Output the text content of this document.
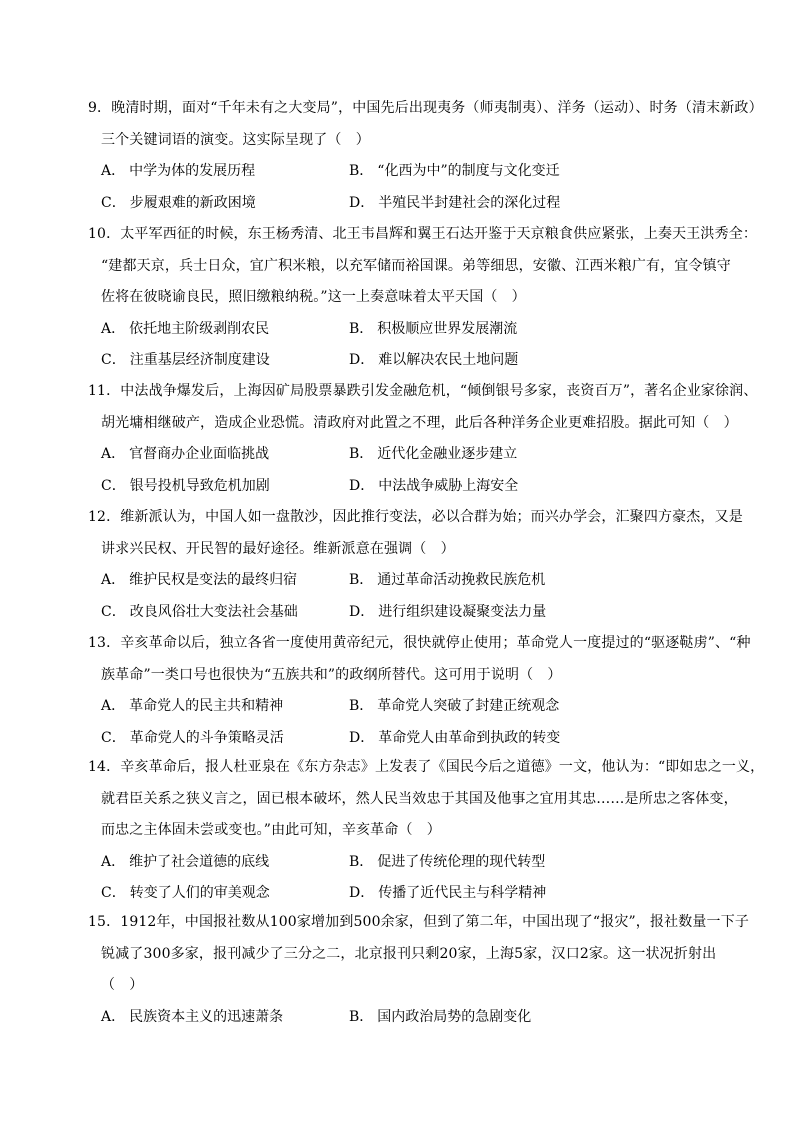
9．晚清时期，面对“千年未有之大变局”，中国先后出现夷务（师夷制夷）、洋务（运动）、时务（清末新政）
三个关键词语的演变。这实际呈现了（　）
A． 中学为体的发展历程	B． “化西为中”的制度与文化变迁
C． 步履艰难的新政困境	D． 半殖民半封建社会的深化过程
10．太平军西征的时候，东王杨秀清、北王韦昌辉和翼王石达开鉴于天京粮食供应紧张，上奏天王洪秀全：
“建都天京，兵士日众，宜广积米粮，以充军储而裕国课。弟等细思，安徽、江西米粮广有，宜令镇守
佐将在彼晓谕良民，照旧缴粮纳税。”这一上奏意味着太平天国（　）
A． 依托地主阶级剥削农民	B． 积极顺应世界发展潮流
C． 注重基层经济制度建设	D． 难以解决农民土地问题
11．中法战争爆发后，上海因矿局股票暴跌引发金融危机，“倾倒银号多家，丧资百万”，著名企业家徐润、
胡光墉相继破产，造成企业恐慌。清政府对此置之不理，此后各种洋务企业更难招股。据此可知（　）
A． 官督商办企业面临挑战	B． 近代化金融业逐步建立
C． 银号投机导致危机加剧	D． 中法战争威胁上海安全
12．维新派认为，中国人如一盘散沙，因此推行变法，必以合群为始；而兴办学会，汇聚四方豪杰，又是
讲求兴民权、开民智的最好途径。维新派意在强调（　）
A． 维护民权是变法的最终归宿	B． 通过革命活动挽救民族危机
C． 改良风俗壮大变法社会基础	D． 进行组织建设凝聚变法力量
13．辛亥革命以后，独立各省一度使用黄帝纪元，很快就停止使用；革命党人一度提过的“驱逐鞑虏”、“种
族革命”一类口号也很快为“五族共和”的政纲所替代。这可用于说明（　）
A． 革命党人的民主共和精神	B． 革命党人突破了封建正统观念
C． 革命党人的斗争策略灵活	D． 革命党人由革命到执政的转变
14．辛亥革命后，报人杜亚泉在《东方杂志》上发表了《国民今后之道德》一文，他认为：“即如忠之一义，
就君臣关系之狭义言之，固已根本破坏，然人民当效忠于其国及他事之宜用其忠……是所忠之客体变，
而忠之主体固未尝或变也。”由此可知，辛亥革命（　）
A． 维护了社会道德的底线	B． 促进了传统伦理的现代转型
C． 转变了人们的审美观念	D． 传播了近代民主与科学精神
15．1912年，中国报社数从100家增加到500余家，但到了第二年，中国出现了“报灾”，报社数量一下子
锐减了300多家，报刊减少了三分之二，北京报刊只剩20家，上海5家，汉口2家。这一状况折射出
（　）
A． 民族资本主义的迅速萧条	B． 国内政治局势的急剧变化
